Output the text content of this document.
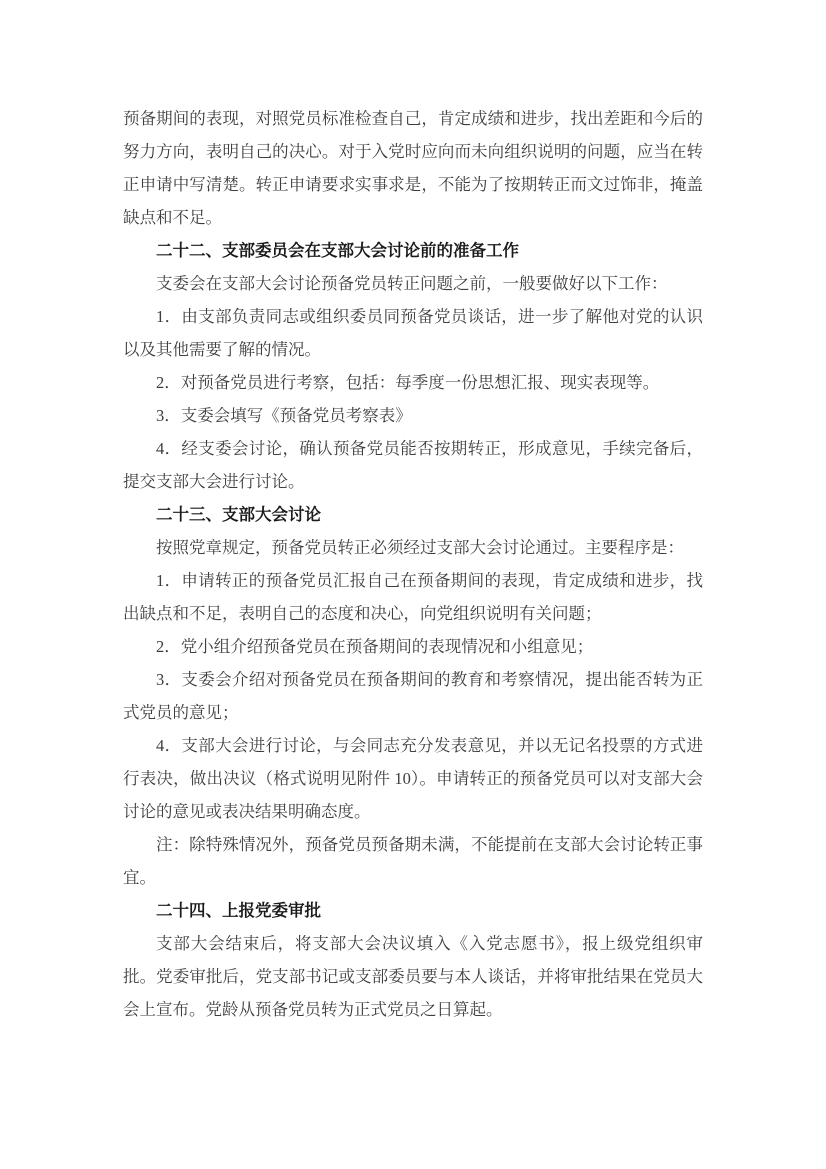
预备期间的表现，对照党员标准检查自己，肯定成绩和进步，找出差距和今后的努力方向，表明自己的决心。对于入党时应向而未向组织说明的问题，应当在转正申请中写清楚。转正申请要求实事求是，不能为了按期转正而文过饰非，掩盖缺点和不足。

二十二、支部委员会在支部大会讨论前的准备工作

支委会在支部大会讨论预备党员转正问题之前，一般要做好以下工作：

1．由支部负责同志或组织委员同预备党员谈话，进一步了解他对党的认识以及其他需要了解的情况。

2．对预备党员进行考察，包括：每季度一份思想汇报、现实表现等。

3．支委会填写《预备党员考察表》

4．经支委会讨论，确认预备党员能否按期转正，形成意见，手续完备后，提交支部大会进行讨论。

二十三、支部大会讨论

按照党章规定，预备党员转正必须经过支部大会讨论通过。主要程序是：

1．申请转正的预备党员汇报自己在预备期间的表现，肯定成绩和进步，找出缺点和不足，表明自己的态度和决心，向党组织说明有关问题；

2．党小组介绍预备党员在预备期间的表现情况和小组意见；

3．支委会介绍对预备党员在预备期间的教育和考察情况，提出能否转为正式党员的意见；

4．支部大会进行讨论，与会同志充分发表意见，并以无记名投票的方式进行表决，做出决议（格式说明见附件 10）。申请转正的预备党员可以对支部大会讨论的意见或表决结果明确态度。

注：除特殊情况外，预备党员预备期未满，不能提前在支部大会讨论转正事宜。

二十四、上报党委审批

支部大会结束后，将支部大会决议填入《入党志愿书》，报上级党组织审批。党委审批后，党支部书记或支部委员要与本人谈话，并将审批结果在党员大会上宣布。党龄从预备党员转为正式党员之日算起。
